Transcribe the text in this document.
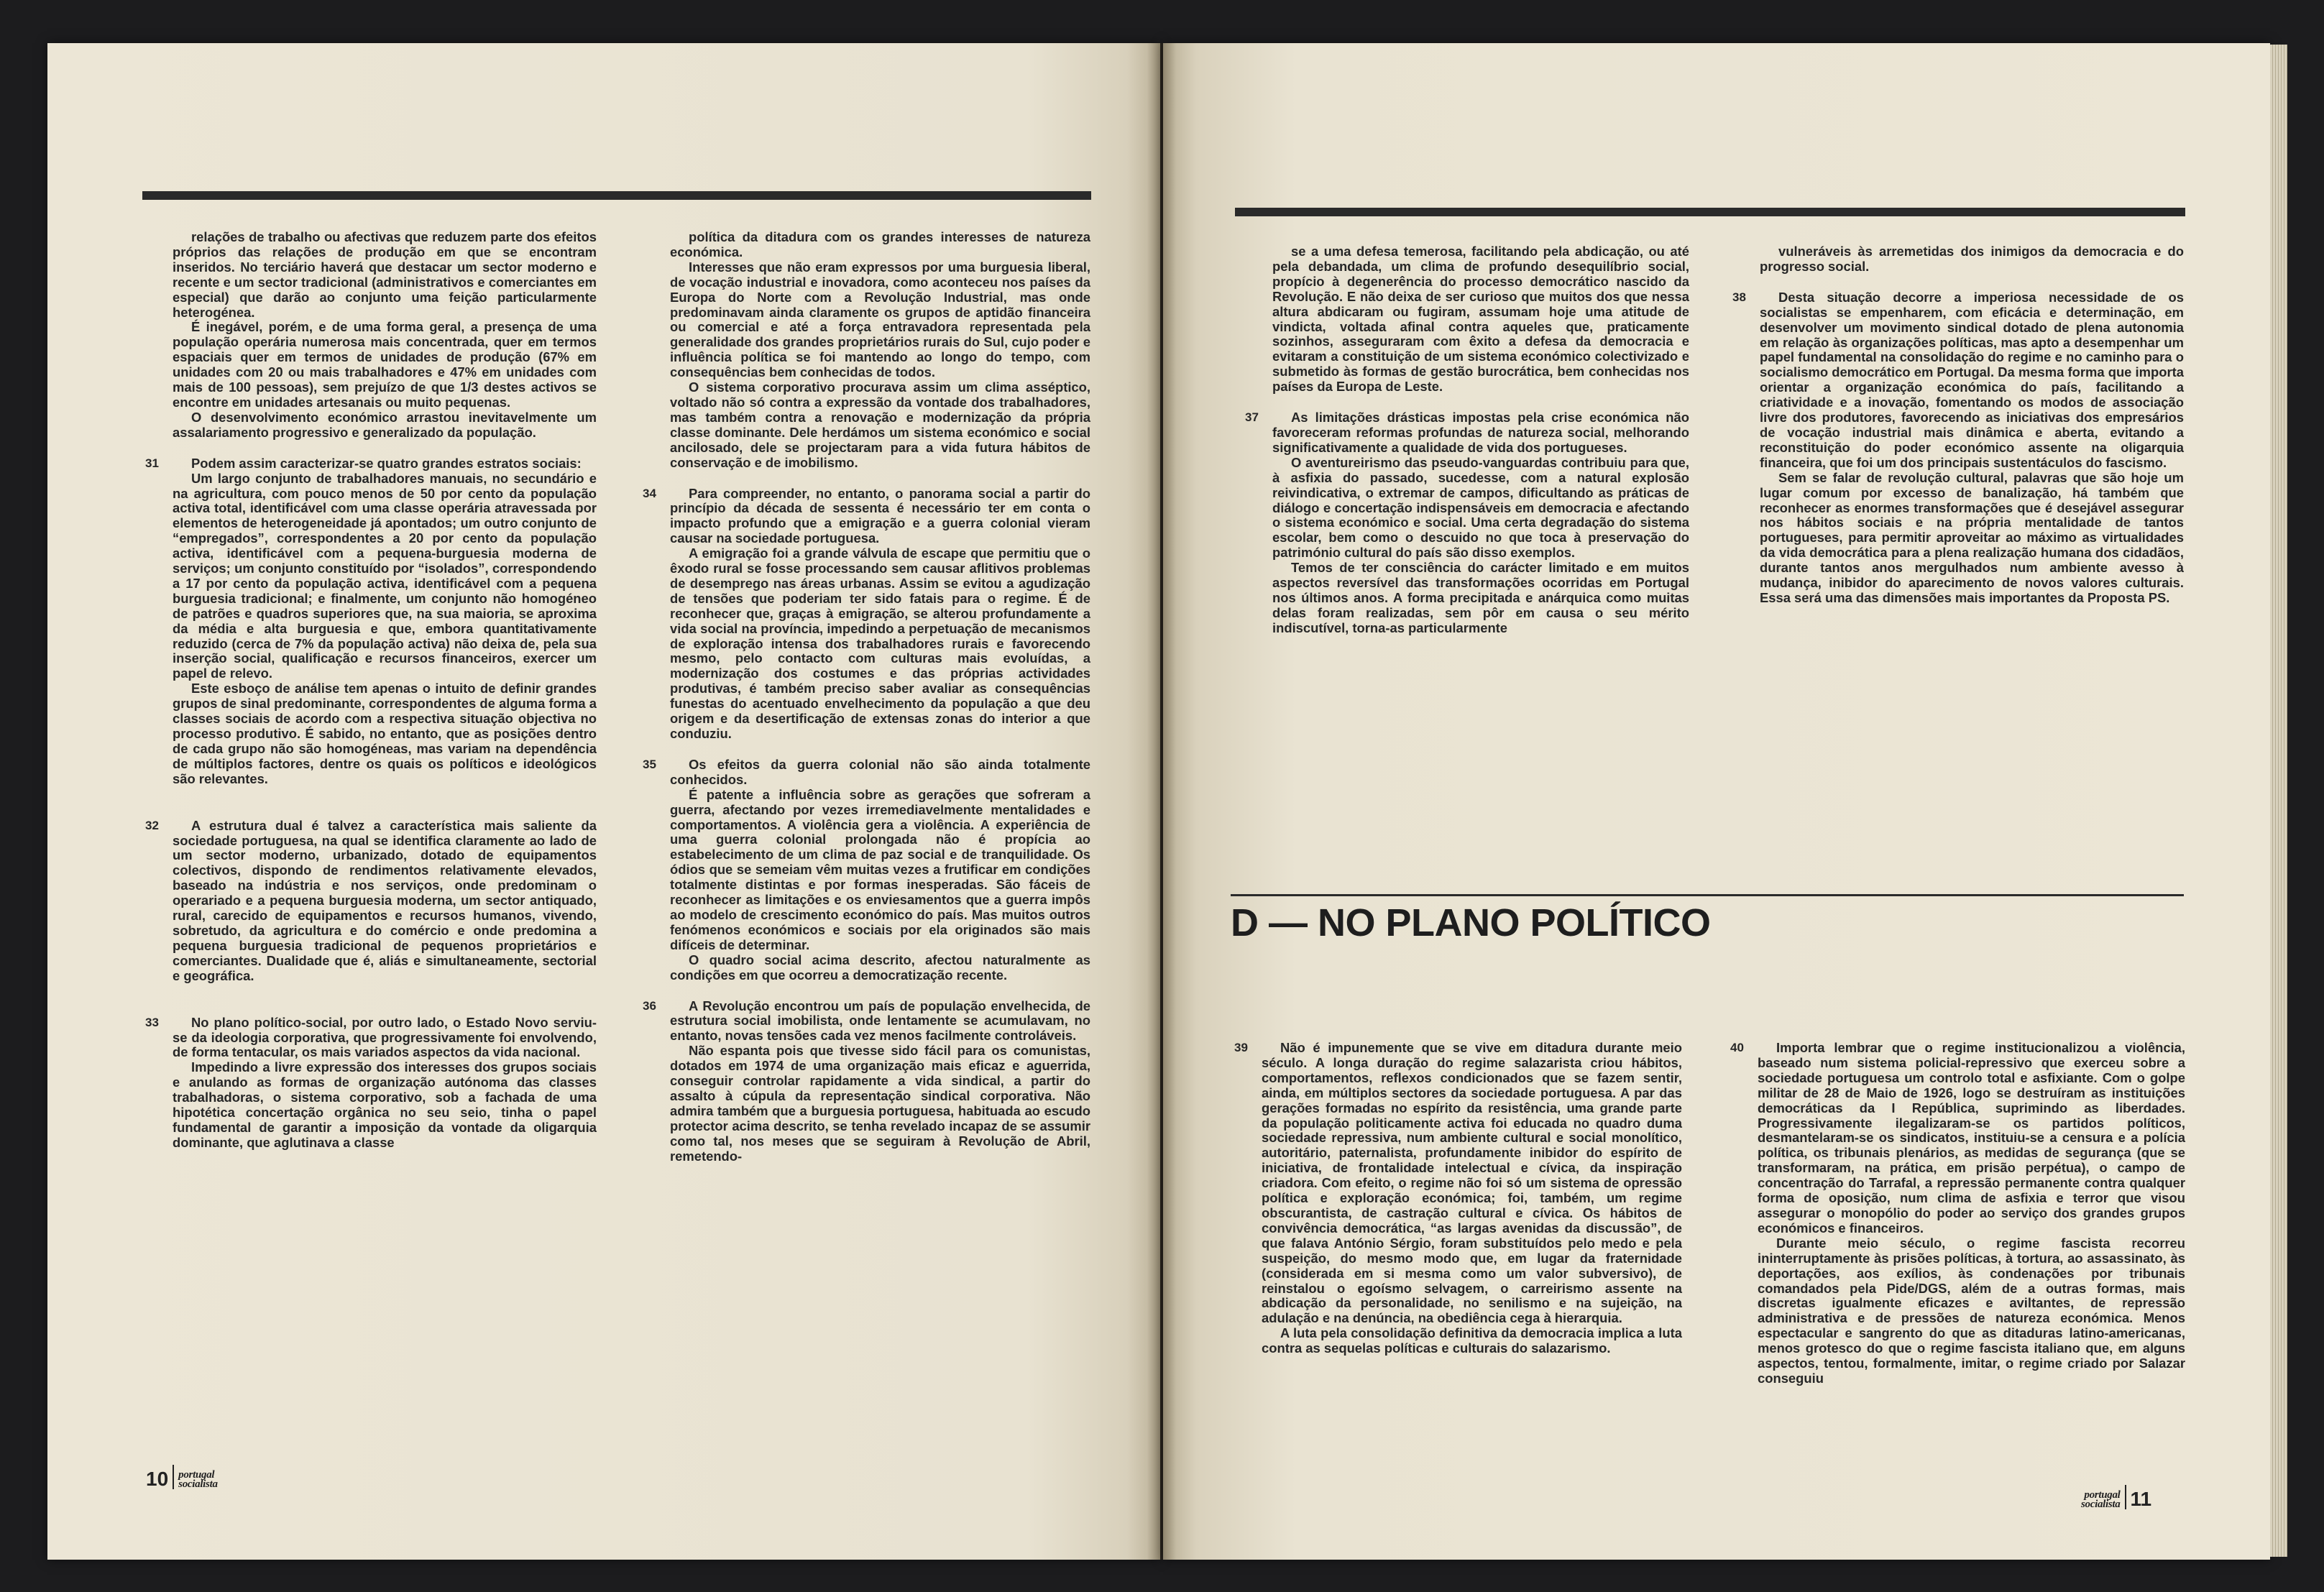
relações de trabalho ou afectivas que reduzem parte dos efeitos próprios das relações de produção em que se encontram inseridos. No terciário haverá que destacar um sector moderno e recente e um sector tradicional (administrativos e comerciantes em especial) que darão ao conjunto uma feição particularmente heterogénea.

É inegável, porém, e de uma forma geral, a presença de uma população operária numerosa mais concentrada, quer em termos espaciais quer em termos de unidades de produção (67% em unidades com 20 ou mais trabalhadores e 47% em unidades com mais de 100 pessoas), sem prejuízo de que 1/3 destes activos se encontre em unidades artesanais ou muito pequenas.

O desenvolvimento económico arrastou inevitavelmente um assalariamento progressivo e generalizado da população.

31	Podem assim caracterizar-se quatro grandes estratos sociais:

Um largo conjunto de trabalhadores manuais, no secundário e na agricultura, com pouco menos de 50 por cento da população activa total, identificável com uma classe operária atravessada por elementos de heterogeneidade já apontados; um outro conjunto de “empregados”, correspondentes a 20 por cento da população activa, identificável com a pequena-burguesia moderna de serviços; um conjunto constituído por “isolados”, correspondendo a 17 por cento da população activa, identificável com a pequena burguesia tradicional; e finalmente, um conjunto não homogéneo de patrões e quadros superiores que, na sua maioria, se aproxima da média e alta burguesia e que, embora quantitativamente reduzido (cerca de 7% da população activa) não deixa de, pela sua inserção social, qualificação e recursos financeiros, exercer um papel de relevo.

Este esboço de análise tem apenas o intuito de definir grandes grupos de sinal predominante, correspondentes de alguma forma a classes sociais de acordo com a respectiva situação objectiva no processo produtivo. É sabido, no entanto, que as posições dentro de cada grupo não são homogéneas, mas variam na dependência de múltiplos factores, dentre os quais os políticos e ideológicos são relevantes.

32	A estrutura dual é talvez a característica mais saliente da sociedade portuguesa, na qual se identifica claramente ao lado de um sector moderno, urbanizado, dotado de equipamentos colectivos, dispondo de rendimentos relativamente elevados, baseado na indústria e nos serviços, onde predominam o operariado e a pequena burguesia moderna, um sector antiquado, rural, carecido de equipamentos e recursos humanos, vivendo, sobretudo, da agricultura e do comércio e onde predomina a pequena burguesia tradicional de pequenos proprietários e comerciantes. Dualidade que é, aliás e simultaneamente, sectorial e geográfica.

33	No plano político-social, por outro lado, o Estado Novo serviu-se da ideologia corporativa, que progressivamente foi envolvendo, de forma tentacular, os mais variados aspectos da vida nacional.

Impedindo a livre expressão dos interesses dos grupos sociais e anulando as formas de organização autónoma das classes trabalhadoras, o sistema corporativo, sob a fachada de uma hipotética concertação orgânica no seu seio, tinha o papel fundamental de garantir a imposição da vontade da oligarquia dominante, que aglutinava a classe

política da ditadura com os grandes interesses de natureza económica.

Interesses que não eram expressos por uma burguesia liberal, de vocação industrial e inovadora, como aconteceu nos países da Europa do Norte com a Revolução Industrial, mas onde predominavam ainda claramente os grupos de aptidão financeira ou comercial e até a força entravadora representada pela generalidade dos grandes proprietários rurais do Sul, cujo poder e influência política se foi mantendo ao longo do tempo, com consequências bem conhecidas de todos.

O sistema corporativo procurava assim um clima asséptico, voltado não só contra a expressão da vontade dos trabalhadores, mas também contra a renovação e modernização da própria classe dominante. Dele herdámos um sistema económico e social ancilosado, dele se projectaram para a vida futura hábitos de conservação e de imobilismo.

34	Para compreender, no entanto, o panorama social a partir do princípio da década de sessenta é necessário ter em conta o impacto profundo que a emigração e a guerra colonial vieram causar na sociedade portuguesa.

A emigração foi a grande válvula de escape que permitiu que o êxodo rural se fosse processando sem causar aflitivos problemas de desemprego nas áreas urbanas. Assim se evitou a agudização de tensões que poderiam ter sido fatais para o regime. É de reconhecer que, graças à emigração, se alterou profundamente a vida social na província, impedindo a perpetuação de mecanismos de exploração intensa dos trabalhadores rurais e favorecendo mesmo, pelo contacto com culturas mais evoluídas, a modernização dos costumes e das próprias actividades produtivas, é também preciso saber avaliar as consequências funestas do acentuado envelhecimento da população a que deu origem e da desertificação de extensas zonas do interior a que conduziu.

35	Os efeitos da guerra colonial não são ainda totalmente conhecidos.

É patente a influência sobre as gerações que sofreram a guerra, afectando por vezes irremediavelmente mentalidades e comportamentos. A violência gera a violência. A experiência de uma guerra colonial prolongada não é propícia ao estabelecimento de um clima de paz social e de tranquilidade. Os ódios que se semeiam vêm muitas vezes a frutificar em condições totalmente distintas e por formas inesperadas. São fáceis de reconhecer as limitações e os enviesamentos que a guerra impôs ao modelo de crescimento económico do país. Mas muitos outros fenómenos económicos e sociais por ela originados são mais difíceis de determinar.

O quadro social acima descrito, afectou naturalmente as condições em que ocorreu a democratização recente.

36	A Revolução encontrou um país de população envelhecida, de estrutura social imobilista, onde lentamente se acumulavam, no entanto, novas tensões cada vez menos facilmente controláveis.

Não espanta pois que tivesse sido fácil para os comunistas, dotados em 1974 de uma organização mais eficaz e aguerrida, conseguir controlar rapidamente a vida sindical, a partir do assalto à cúpula da representação sindical corporativa. Não admira também que a burguesia portuguesa, habituada ao escudo protector acima descrito, se tenha revelado incapaz de se assumir como tal, nos meses que se seguiram à Revolução de Abril, remetendo-

se a uma defesa temerosa, facilitando pela abdicação, ou até pela debandada, um clima de profundo desequilíbrio social, propício à degenerência do processo democrático nascido da Revolução. E não deixa de ser curioso que muitos dos que nessa altura abdicaram ou fugiram, assumam hoje uma atitude de vindicta, voltada afinal contra aqueles que, praticamente sozinhos, asseguraram com êxito a defesa da democracia e evitaram a constituição de um sistema económico colectivizado e submetido às formas de gestão burocrática, bem conhecidas nos países da Europa de Leste.

37	As limitações drásticas impostas pela crise económica não favoreceram reformas profundas de natureza social, melhorando significativamente a qualidade de vida dos portugueses.

O aventureirismo das pseudo-vanguardas contribuiu para que, à asfixia do passado, sucedesse, com a natural explosão reivindicativa, o extremar de campos, dificultando as práticas de diálogo e concertação indispensáveis em democracia e afectando o sistema económico e social. Uma certa degradação do sistema escolar, bem como o descuido no que toca à preservação do património cultural do país são disso exemplos.

Temos de ter consciência do carácter limitado e em muitos aspectos reversível das transformações ocorridas em Portugal nos últimos anos. A forma precipitada e anárquica como muitas delas foram realizadas, sem pôr em causa o seu mérito indiscutível, torna-as particularmente

vulneráveis às arremetidas dos inimigos da democracia e do progresso social.

38	Desta situação decorre a imperiosa necessidade de os socialistas se empenharem, com eficácia e determinação, em desenvolver um movimento sindical dotado de plena autonomia em relação às organizações políticas, mas apto a desempenhar um papel fundamental na consolidação do regime e no caminho para o socialismo democrático em Portugal. Da mesma forma que importa orientar a organização económica do país, facilitando a criatividade e a inovação, fomentando os modos de associação livre dos produtores, favorecendo as iniciativas dos empresários de vocação industrial mais dinâmica e aberta, evitando a reconstituição do poder económico assente na oligarquia financeira, que foi um dos principais sustentáculos do fascismo.

Sem se falar de revolução cultural, palavras que são hoje um lugar comum por excesso de banalização, há também que reconhecer as enormes transformações que é desejável assegurar nos hábitos sociais e na própria mentalidade de tantos portugueses, para permitir aproveitar ao máximo as virtualidades da vida democrática para a plena realização humana dos cidadãos, durante tantos anos mergulhados num ambiente avesso à mudança, inibidor do aparecimento de novos valores culturais. Essa será uma das dimensões mais importantes da Proposta PS.

D — NO PLANO POLÍTICO
39	Não é impunemente que se vive em ditadura durante meio século. A longa duração do regime salazarista criou hábitos, comportamentos, reflexos condicionados que se fazem sentir, ainda, em múltiplos sectores da sociedade portuguesa. A par das gerações formadas no espírito da resistência, uma grande parte da população politicamente activa foi educada no quadro duma sociedade repressiva, num ambiente cultural e social monolítico, autoritário, paternalista, profundamente inibidor do espírito de iniciativa, de frontalidade intelectual e cívica, da inspiração criadora. Com efeito, o regime não foi só um sistema de opressão política e exploração económica; foi, também, um regime obscurantista, de castração cultural e cívica. Os hábitos de convivência democrática, “as largas avenidas da discussão”, de que falava António Sérgio, foram substituídos pelo medo e pela suspeição, do mesmo modo que, em lugar da fraternidade (considerada em si mesma como um valor subversivo), de reinstalou o egoísmo selvagem, o carreirismo assente na abdicação da personalidade, no senilismo e na sujeição, na adulação e na denúncia, na obediência cega à hierarquia.

A luta pela consolidação definitiva da democracia implica a luta contra as sequelas políticas e culturais do salazarismo.

40	Importa lembrar que o regime institucionalizou a violência, baseado num sistema policial-repressivo que exerceu sobre a sociedade portuguesa um controlo total e asfixiante. Com o golpe militar de 28 de Maio de 1926, logo se destruíram as instituições democráticas da I República, suprimindo as liberdades. Progressivamente ilegalizaram-se os partidos políticos, desmantelaram-se os sindicatos, instituiu-se a censura e a polícia política, os tribunais plenários, as medidas de segurança (que se transformaram, na prática, em prisão perpétua), o campo de concentração do Tarrafal, a repressão permanente contra qualquer forma de oposição, num clima de asfixia e terror que visou assegurar o monopólio do poder ao serviço dos grandes grupos económicos e financeiros.

Durante meio século, o regime fascista recorreu ininterruptamente às prisões políticas, à tortura, ao assassinato, às deportações, aos exílios, às condenações por tribunais comandados pela Pide/DGS, além de a outras formas, mais discretas igualmente eficazes e aviltantes, de repressão administrativa e de pressões de natureza económica. Menos espectacular e sangrento do que as ditaduras latino-americanas, menos grotesco do que o regime fascista italiano que, em alguns aspectos, tentou, formalmente, imitar, o regime criado por Salazar conseguiu

10 portugal
socialista
portugal
socialista 11
